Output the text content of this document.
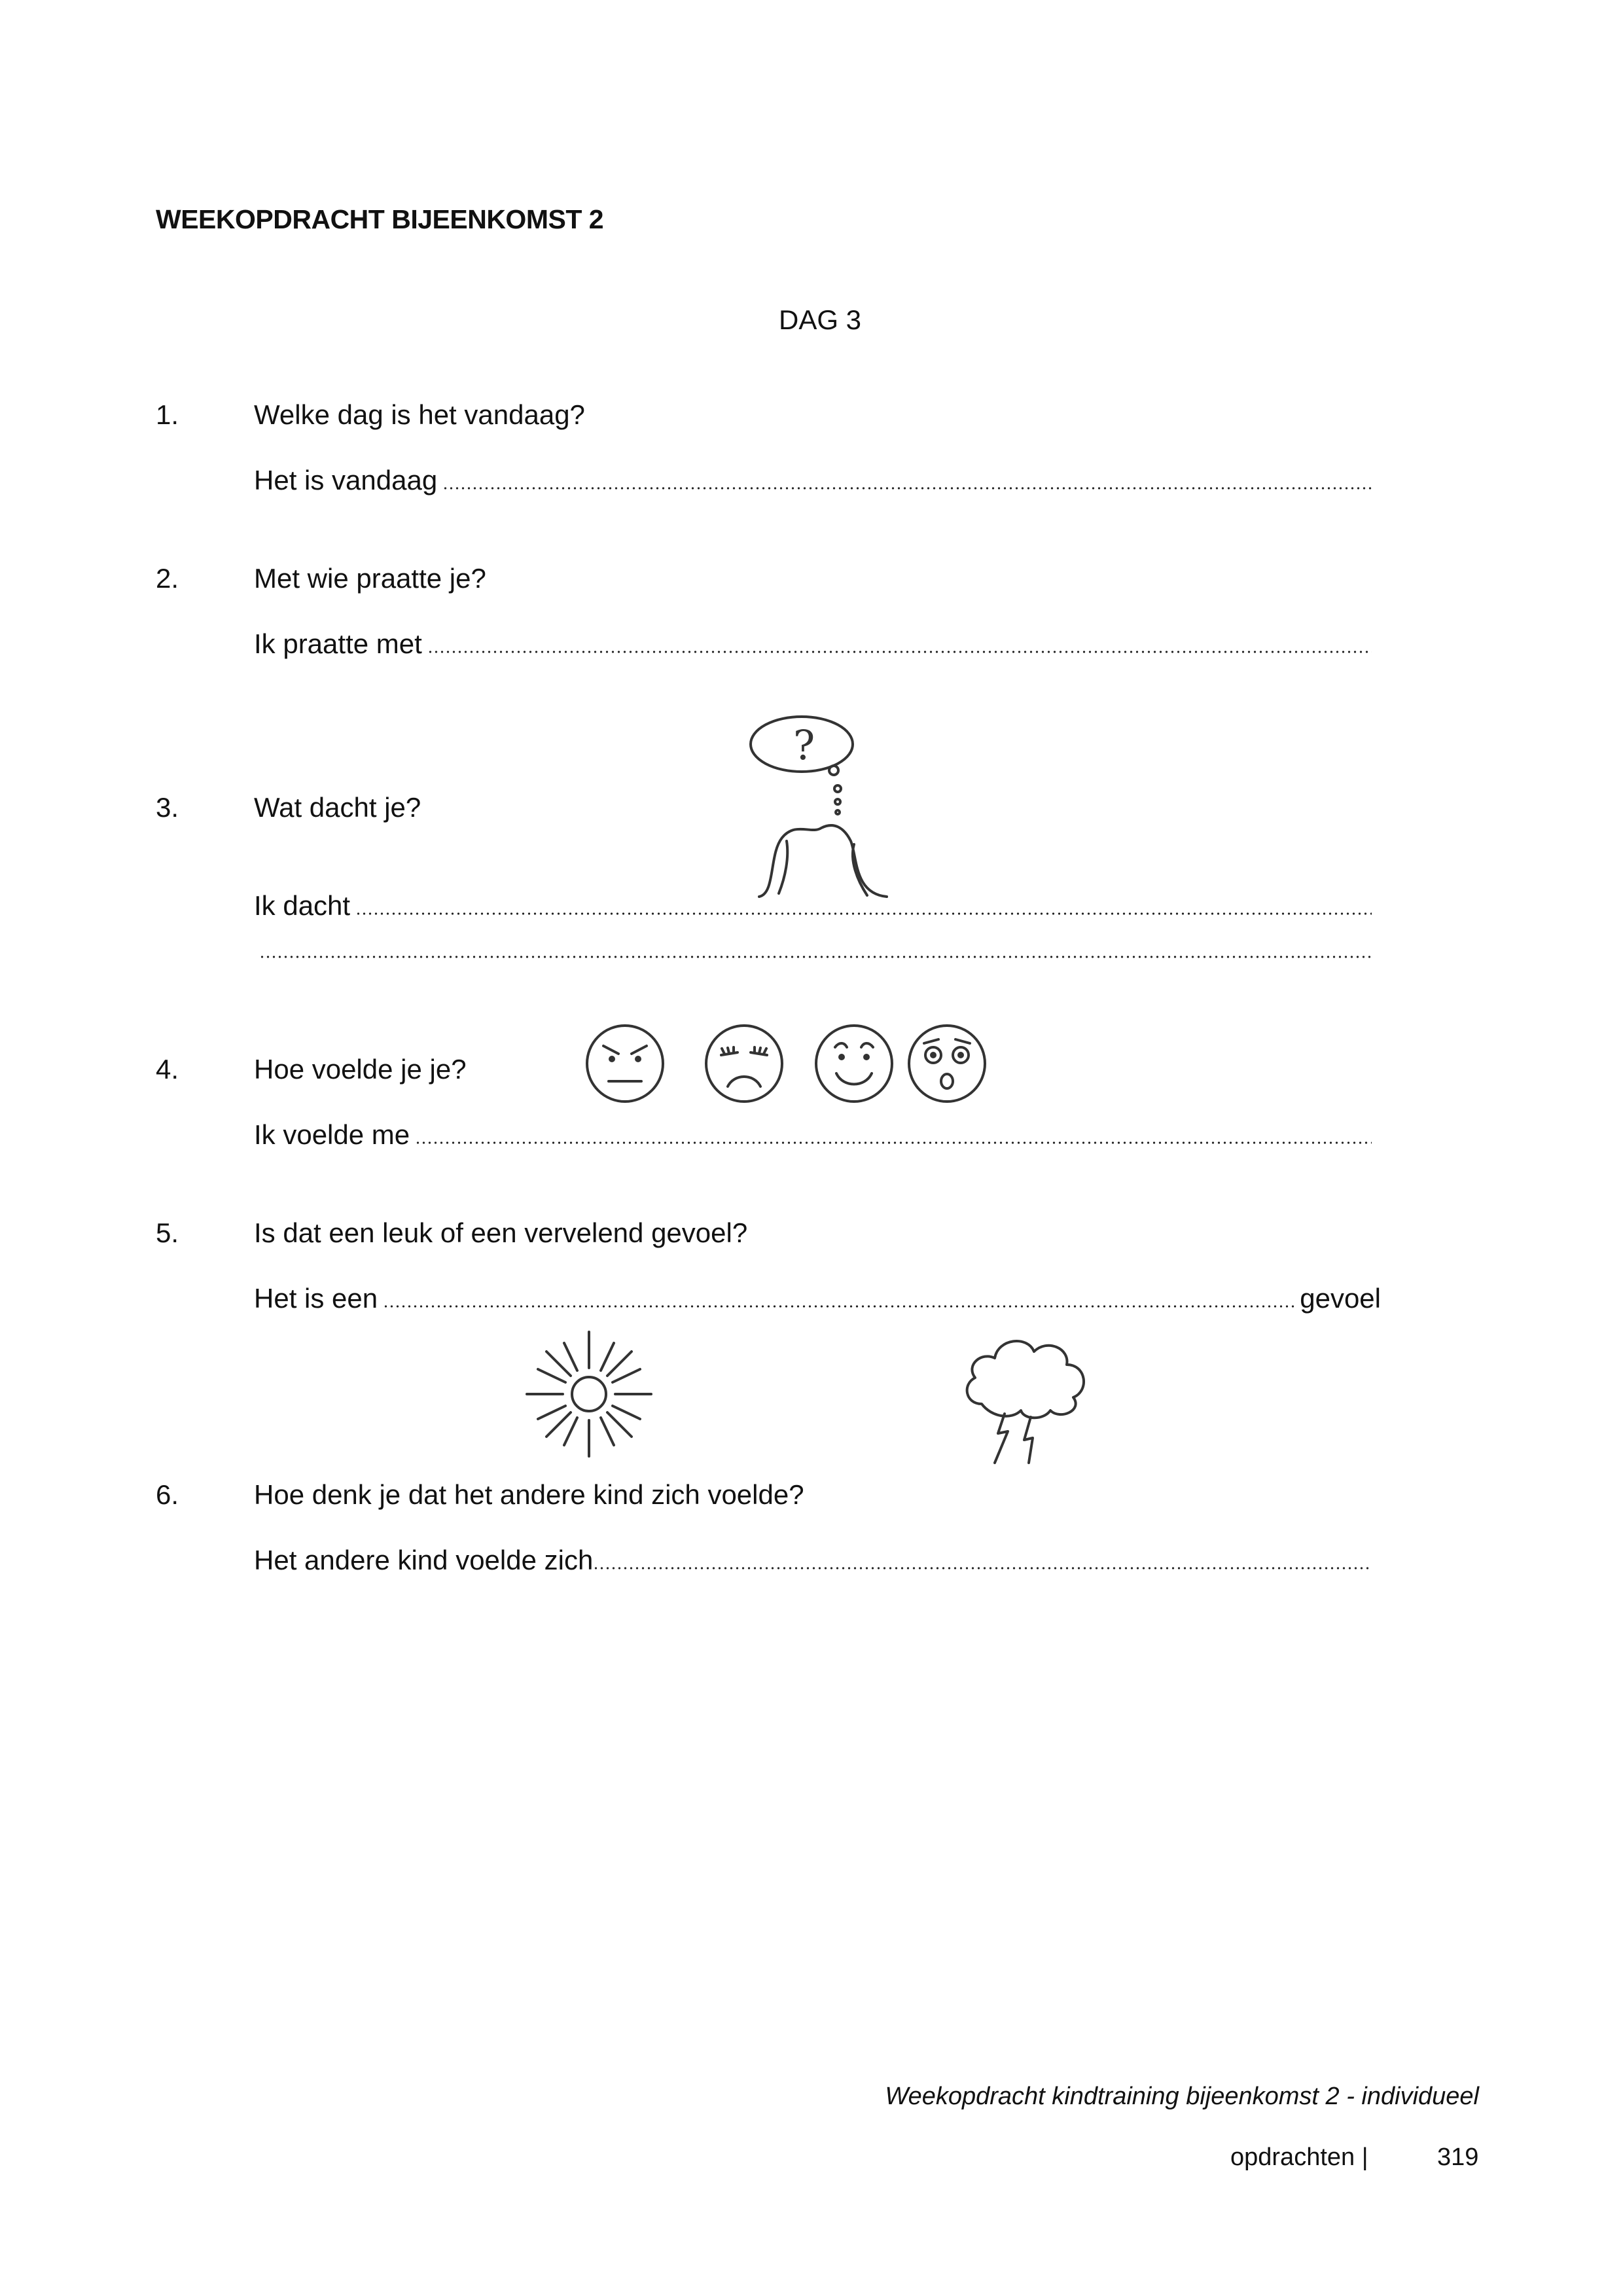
WEEKOPDRACHT BIJEENKOMST 2
DAG 3
1.	Welke dag is het vandaag?
Het is vandaag
2.	Met wie praatte je?
Ik praatte met
?
3.	Wat dacht je?
Ik dacht
4.	Hoe voelde je je?
Ik voelde me
5.	Is dat een leuk of een vervelend gevoel?
Het is een	gevoel
6.	Hoe denk je dat het andere kind zich voelde?
Het andere kind voelde zich
Weekopdracht kindtraining bijeenkomst 2 - individueel
opdrachten |	319
